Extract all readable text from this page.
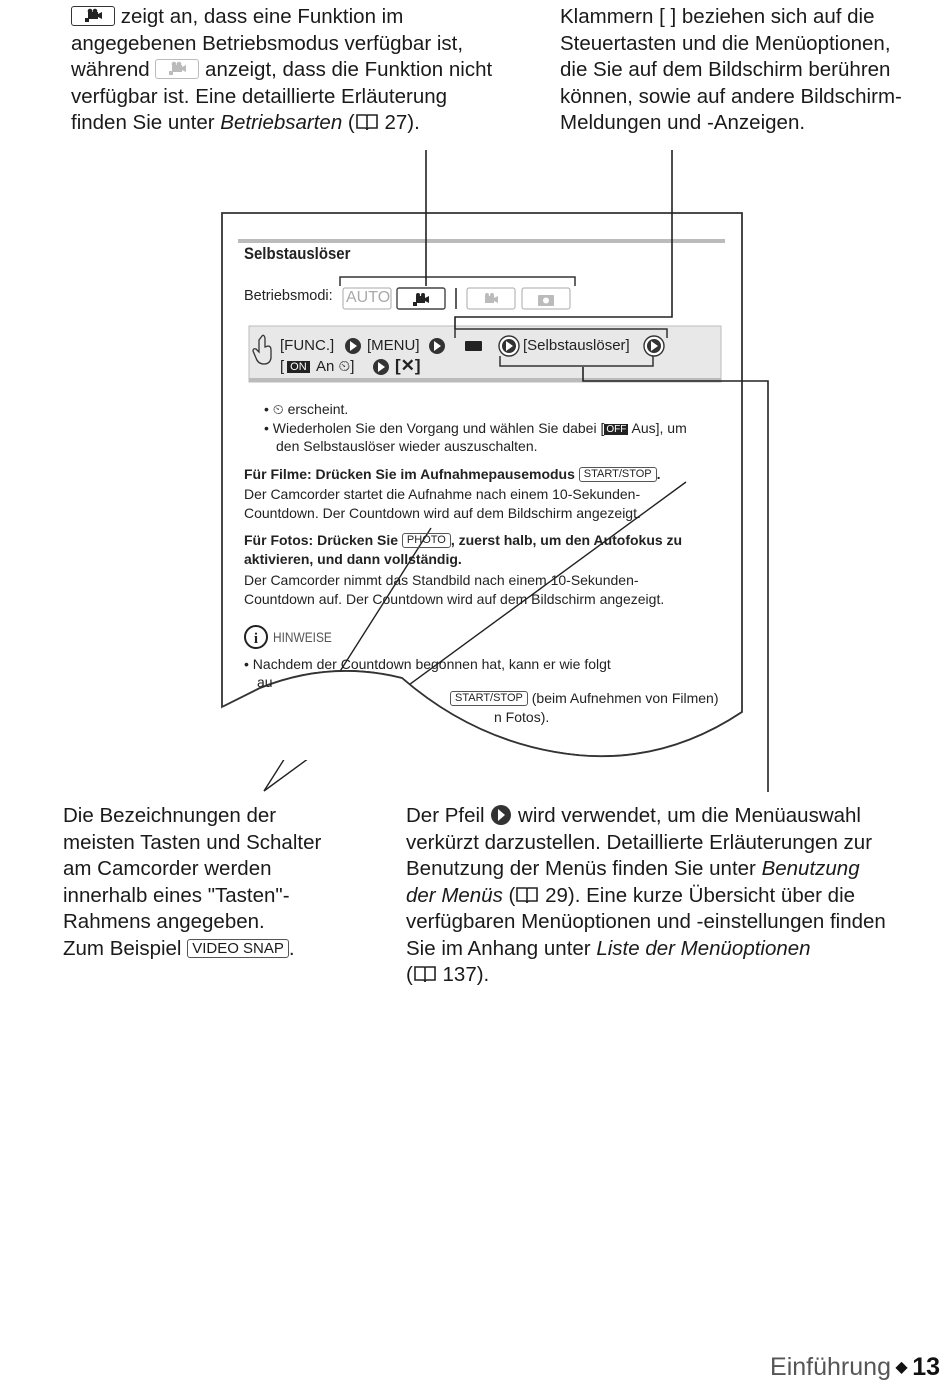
zeigt an, dass eine Funktion im

angegebenen Betriebsmodus verfügbar ist,

während
anzeigt, dass die Funktion nicht

verfügbar ist. Eine detaillierte Erläuterung

finden Sie unter Betriebsarten ( 27).

Klammern [ ] beziehen sich auf die

Steuertasten und die Menüoptionen,

die Sie auf dem Bildschirm berühren

können, sowie auf andere Bildschirm-

Meldungen und -Anzeigen.

i
Selbstauslöser
Betriebsmodi: AUTO
[FUNC.] [MENU]	[Selbstauslöser]
[ ON An ⏲] [✕]
• ⏲ erscheint.
• Wiederholen Sie den Vorgang und wählen Sie dabei [ OFF Aus], um
den Selbstauslöser wieder auszuschalten.
Für Filme: Drücken Sie im Aufnahmepausemodus START/STOP .
Der Camcorder startet die Aufnahme nach einem 10-Sekunden-
Countdown. Der Countdown wird auf dem Bildschirm angezeigt.
Für Fotos: Drücken Sie PHOTO , zuerst halb, um den Autofokus zu
aktivieren, und dann vollständig.
Der Camcorder nimmt das Standbild nach einem 10-Sekunden-
Countdown auf. Der Countdown wird auf dem Bildschirm angezeigt.
HINWEISE
• Nachdem der Countdown begonnen hat, kann er wie folgt
au
START/STOP (beim Aufnehmen von Filmen)
n Fotos).

Die Bezeichnungen der

meisten Tasten und Schalter

am Camcorder werden

innerhalb eines "Tasten"-

Rahmens angegeben.

Zum Beispiel VIDEO SNAP .

Der Pfeil  wird verwendet, um die Menüauswahl

verkürzt darzustellen. Detaillierte Erläuterungen zur

Benutzung der Menüs finden Sie unter Benutzung

der Menüs ( 29). Eine kurze Übersicht über die

verfügbaren Menüoptionen und -einstellungen finden

Sie im Anhang unter Liste der Menüoptionen

( 137).

Einführung ◆ 13
